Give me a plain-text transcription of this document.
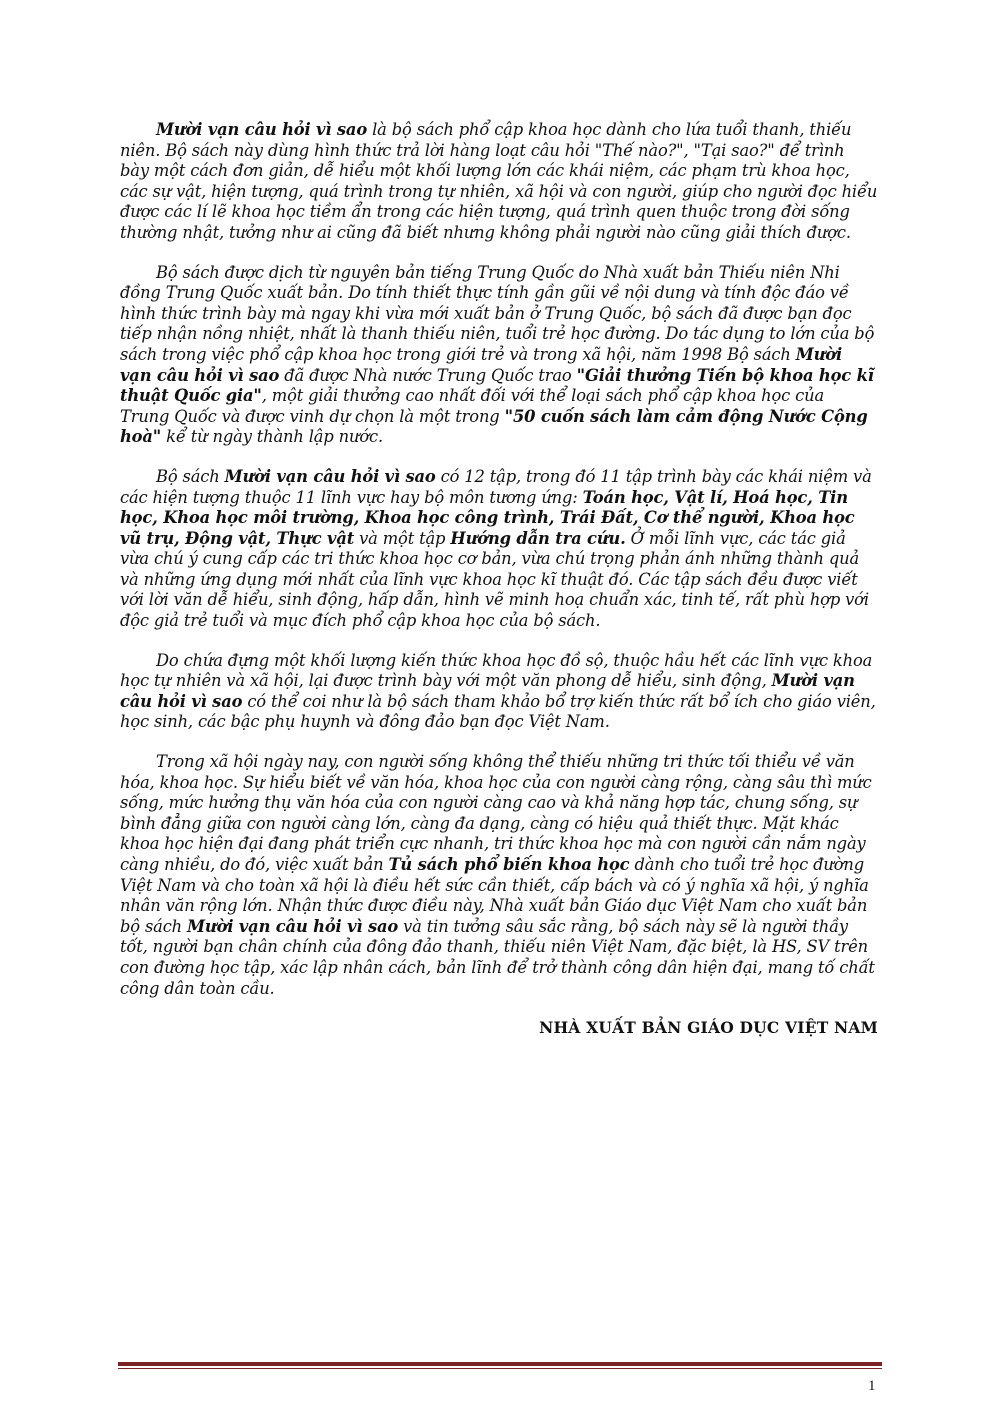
Mười vạn câu hỏi vì sao là bộ sách phổ cập khoa học dành cho lứa tuổi thanh, thiếu niên. Bộ sách này dùng hình thức trả lời hàng loạt câu hỏi "Thế nào?", "Tại sao?" để trình bày một cách đơn giản, dễ hiểu một khối lượng lớn các khái niệm, các phạm trù khoa học, các sự vật, hiện tượng, quá trình trong tự nhiên, xã hội và con người, giúp cho người đọc hiểu được các lí lẽ khoa học tiềm ẩn trong các hiện tượng, quá trình quen thuộc trong đời sống thường nhật, tưởng như ai cũng đã biết nhưng không phải người nào cũng giải thích được.

Bộ sách được dịch từ nguyên bản tiếng Trung Quốc do Nhà xuất bản Thiếu niên Nhi đồng Trung Quốc xuất bản. Do tính thiết thực tính gần gũi về nội dung và tính độc đáo về hình thức trình bày mà ngay khi vừa mới xuất bản ở Trung Quốc, bộ sách đã được bạn đọc tiếp nhận nồng nhiệt, nhất là thanh thiếu niên, tuổi trẻ học đường. Do tác dụng to lớn của bộ sách trong việc phổ cập khoa học trong giới trẻ và trong xã hội, năm 1998 Bộ sách Mười vạn câu hỏi vì sao đã được Nhà nước Trung Quốc trao "Giải thưởng Tiến bộ khoa học kĩ thuật Quốc gia", một giải thưởng cao nhất đối với thể loại sách phổ cập khoa học của Trung Quốc và được vinh dự chọn là một trong "50 cuốn sách làm cảm động Nước Cộng hoà" kể từ ngày thành lập nước.

Bộ sách Mười vạn câu hỏi vì sao có 12 tập, trong đó 11 tập trình bày các khái niệm và các hiện tượng thuộc 11 lĩnh vực hay bộ môn tương ứng: Toán học, Vật lí, Hoá học, Tin học, Khoa học môi trường, Khoa học công trình, Trái Đất, Cơ thể người, Khoa học vũ trụ, Động vật, Thực vật và một tập Hướng dẫn tra cứu. Ở mỗi lĩnh vực, các tác giả vừa chú ý cung cấp các tri thức khoa học cơ bản, vừa chú trọng phản ánh những thành quả và những ứng dụng mới nhất của lĩnh vực khoa học kĩ thuật đó. Các tập sách đều được viết với lời văn dễ hiểu, sinh động, hấp dẫn, hình vẽ minh hoạ chuẩn xác, tinh tế, rất phù hợp với độc giả trẻ tuổi và mục đích phổ cập khoa học của bộ sách.

Do chứa đựng một khối lượng kiến thức khoa học đồ sộ, thuộc hầu hết các lĩnh vực khoa học tự nhiên và xã hội, lại được trình bày với một văn phong dễ hiểu, sinh động, Mười vạn câu hỏi vì sao có thể coi như là bộ sách tham khảo bổ trợ kiến thức rất bổ ích cho giáo viên, học sinh, các bậc phụ huynh và đông đảo bạn đọc Việt Nam.

Trong xã hội ngày nay, con người sống không thể thiếu những tri thức tối thiểu về văn hóa, khoa học. Sự hiểu biết về văn hóa, khoa học của con người càng rộng, càng sâu thì mức sống, mức hưởng thụ văn hóa của con người càng cao và khả năng hợp tác, chung sống, sự bình đẳng giữa con người càng lớn, càng đa dạng, càng có hiệu quả thiết thực. Mặt khác khoa học hiện đại đang phát triển cực nhanh, tri thức khoa học mà con người cần nắm ngày càng nhiều, do đó, việc xuất bản Tủ sách phổ biến khoa học dành cho tuổi trẻ học đường Việt Nam và cho toàn xã hội là điều hết sức cần thiết, cấp bách và có ý nghĩa xã hội, ý nghĩa nhân văn rộng lớn. Nhận thức được điều này, Nhà xuất bản Giáo dục Việt Nam cho xuất bản bộ sách Mười vạn câu hỏi vì sao và tin tưởng sâu sắc rằng, bộ sách này sẽ là người thầy tốt, người bạn chân chính của đông đảo thanh, thiếu niên Việt Nam, đặc biệt, là HS, SV trên con đường học tập, xác lập nhân cách, bản lĩnh để trở thành công dân hiện đại, mang tố chất công dân toàn cầu.

NHÀ XUẤT BẢN GIÁO DỤC VIỆT NAM
1
